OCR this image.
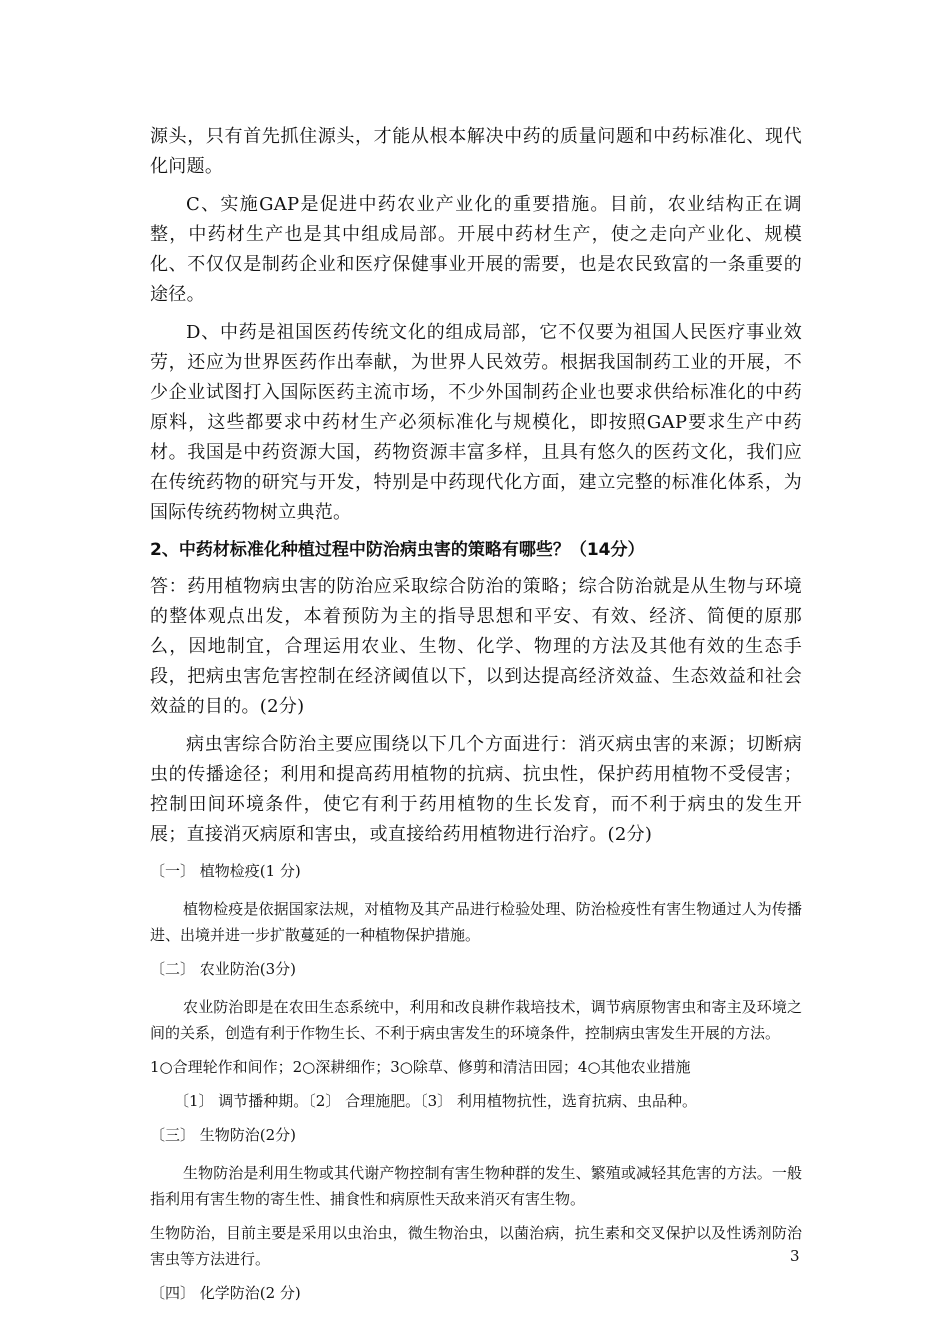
源头，只有首先抓住源头，才能从根本解决中药的质量问题和中药标准化、现代化问题。

C、实施GAP是促进中药农业产业化的重要措施。目前，农业结构正在调整，中药材生产也是其中组成局部。开展中药材生产，使之走向产业化、规模化、不仅仅是制药企业和医疗保健事业开展的需要，也是农民致富的一条重要的途径。

D、中药是祖国医药传统文化的组成局部，它不仅要为祖国人民医疗事业效劳，还应为世界医药作出奉献，为世界人民效劳。根据我国制药工业的开展，不少企业试图打入国际医药主流市场，不少外国制药企业也要求供给标准化的中药原料，这些都要求中药材生产必须标准化与规模化，即按照GAP要求生产中药材。我国是中药资源大国，药物资源丰富多样，且具有悠久的医药文化，我们应在传统药物的研究与开发，特别是中药现代化方面，建立完整的标准化体系，为国际传统药物树立典范。

2、中药材标准化种植过程中防治病虫害的策略有哪些？（14分）

答：药用植物病虫害的防治应采取综合防治的策略；综合防治就是从生物与环境的整体观点出发，本着预防为主的指导思想和平安、有效、经济、简便的原那么，因地制宜，合理运用农业、生物、化学、物理的方法及其他有效的生态手段，把病虫害危害控制在经济阈值以下，以到达提高经济效益、生态效益和社会效益的目的。(2分)

病虫害综合防治主要应围绕以下几个方面进行：消灭病虫害的来源；切断病虫的传播途径；利用和提高药用植物的抗病、抗虫性，保护药用植物不受侵害；控制田间环境条件，使它有利于药用植物的生长发育，而不利于病虫的发生开展；直接消灭病原和害虫，或直接给药用植物进行治疗。(2分)

〔一〕 植物检疫(1 分)

植物检疫是依据国家法规，对植物及其产品进行检验处理、防治检疫性有害生物通过人为传播进、出境并进一步扩散蔓延的一种植物保护措施。

〔二〕 农业防治(3分)

农业防治即是在农田生态系统中，利用和改良耕作栽培技术，调节病原物害虫和寄主及环境之间的关系，创造有利于作物生长、不利于病虫害发生的环境条件，控制病虫害发生开展的方法。

1○合理轮作和间作；2○深耕细作；3○除草、修剪和清洁田园；4○其他农业措施

〔1〕 调节播种期。〔2〕 合理施肥。〔3〕 利用植物抗性，选育抗病、虫品种。

〔三〕 生物防治(2分)

生物防治是利用生物或其代谢产物控制有害生物种群的发生、繁殖或减轻其危害的方法。一般指利用有害生物的寄生性、捕食性和病原性天敌来消灭有害生物。

生物防治，目前主要是采用以虫治虫，微生物治虫，以菌治病，抗生素和交叉保护以及性诱剂防治害虫等方法进行。

〔四〕 化学防治(2 分)

3
